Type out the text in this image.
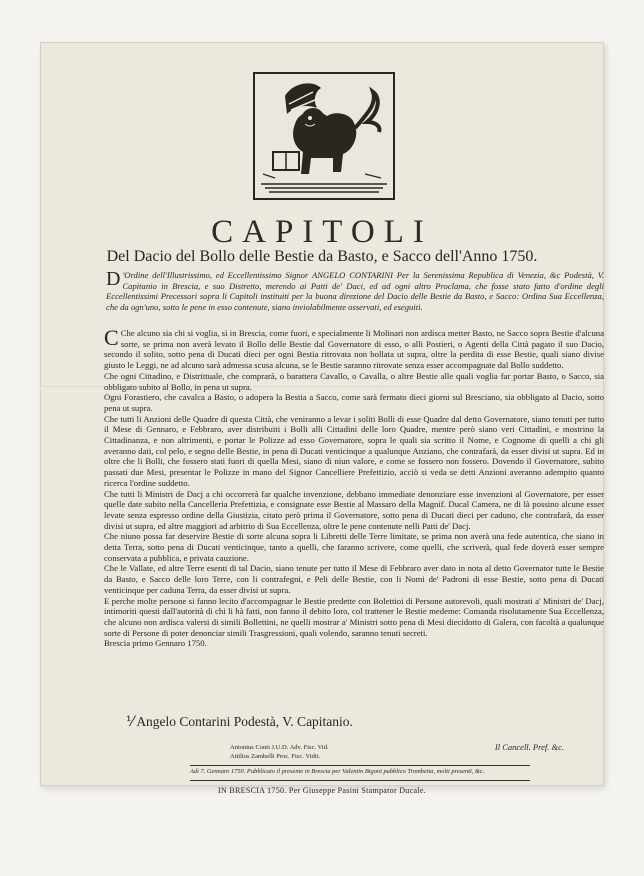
CAPITOLI
Del Dacio del Bollo delle Bestie da Basto, e Sacco dell'Anno 1750.
D 'Ordine dell'Illustrissimo, ed Eccellentissimo Signor ANGELO CONTARINI Per la Serenissima Republica di Venezia, &c Podestà, V. Capitanio in Brescia, e suo Distretto, merendo ai Patti de' Daci, ed ad ogni altro Proclama, che fosse stato fatto d'ordine degli Eccellentissimi Precessori sopra li Capitoli instituiti per la buona direzione del Dacio delle Bestie da Basto, e Sacco: Ordina Sua Eccellenza, che da ogn'uno, sotto le pene in esso contenute, siano inviolabilmente osservati, ed eseguiti.

C Che alcuno sia chi si voglia, sì in Brescia, come fuori, e specialmente li Molinari non ardisca metter Basto, ne Sacco sopra Bestie d'alcuna sorte, se prima non averà levato il Bollo delle Bestie dal Governatore di esso, o alli Postieri, o Agenti della Città pagato il suo Dacio, secondo il solito, sotto pena di Ducati dieci per ogni Bestia ritrovata non bollata ut supra, oltre la perdita di esse Bestie, quali siano divise giusto le Leggi, ne ad alcuno sarà admessa scusa alcuna, se le Bestie saranno ritrovate senza esser accompagnate dal Bollo suddetto.

Che ogni Cittadino, e Distrittuale, che comprarà, o barattera Cavallo, o Cavalla, o altre Bestie alle quali voglia far portar Basto, o Sacco, sia obbligato subito al Bollo, in pena ut supra.

Ogni Forastiero, che cavalca a Basto, o adopera la Bestia a Sacco, come sarà fermato dieci giorni sul Bresciano, sia obbligato al Dacio, sotto pena ut supra.

Che tutti li Anzioni delle Quadre di questa Città, che veniranno a levar i soliti Bolli di esse Quadre dal detto Governatore, siano tenuti per tutto il Mese di Gennaro, e Febbraro, aver distribuiti i Bolli alli Cittadini delle loro Quadre, mentre però siano veri Cittadini, e mostrino la Cittadinanza, e non altrimenti, e portar le Polizze ad esso Governatore, sopra le quali sia scritto il Nome, e Cognome di quelli a chi gli averanno dati, col pelo, e segno delle Bestie, in pena di Ducati venticinque a qualunque Anziano, che contrafarà, da esser divisi ut supra. Ed in oltre che li Bolli, che fossero stati fuori di quella Mesi, siano di niun valore, e come se fossero non fossero. Dovendo il Governatore, subito passati due Mesi, presentar le Polizze in mano del Signor Cancelliere Prefettizio, acciò si veda se detti Anzioni averanno adempito quanto ricerca l'ordine suddetto.

Che tutti li Ministri de Dacj a chi occorrerà far qualche invenzione, debbano immediate denonziare esse invenzioni al Governatore, per esser quelle date subito nella Cancelleria Prefettizia, e consignate esse Bestie al Massaro della Magnif. Ducal Camera, ne di là possino alcune esser levate senza espresso ordine della Giustizia, citato però prima il Governatore, sotto pena di Ducati dieci per caduno, che contrafarà, da esser divisi ut supra, ed altre maggiori ad arbitrio di Sua Eccellenza, oltre le pene contenute nelli Patti de' Dacj.

Che niuno possa far deservire Bestie di sorte alcuna sopra li Libretti delle Terre limitate, se prima non averà una fede autentica, che siano in detta Terra, sotto pena di Ducati venticinque, tanto a quelli, che faranno scrivere, come quelli, che scriverà, qual fede doverà esser sempre conservata a pubblica, e privata cauzione.

Che le Vallate, ed altre Terre esenti di tal Dacio, siano tenute per tutto il Mese di Febbraro aver dato in nota al detto Governator tutte le Bestie da Basto, e Sacco delle loro Terre, con li contrafegni, e Peli delle Bestie, con li Nomi de' Padroni di esse Bestie, sotto pena di Ducati venticinque per caduna Terra, da esser divisi ut supra.

E perche molte persone si fanno lecito d'accompagnar le Bestie predette con Bolettioi di Persone autorevoli, quali mostrati a' Ministri de' Dacj, intimoriti questi dall'autorità di chi li hà fatti, non fanno il debito loro, col trattener le Bestie medeme: Comanda risolutamente Sua Eccellenza, che alcuno non ardisca valersi di simili Bollettini, ne quelli mostrar a' Ministri sotto pena di Mesi diecidotto di Galera, con facoltà a qualunque sorte di Persone di poter denonciar simili Trasgressioni, quali volendo, saranno tenuti secreti.

Brescia primo Gennaro 1750.

⅟ Angelo Contarini Podestà, V. Capitanio.
Il Cancell. Pref. &c.
Antonius Conti J.U.D. Adv. Fisc. Vid.
Attilius Zambelli Proc. Fisc. Vidit.
Adì 7. Gennaro 1750. Pubblicato il presente in Brescia per Valentin Bigoni pubblico Trombetta, molti presenti, &c.
IN BRESCIA 1750. Per Giuseppe Pasini Stampator Ducale.
